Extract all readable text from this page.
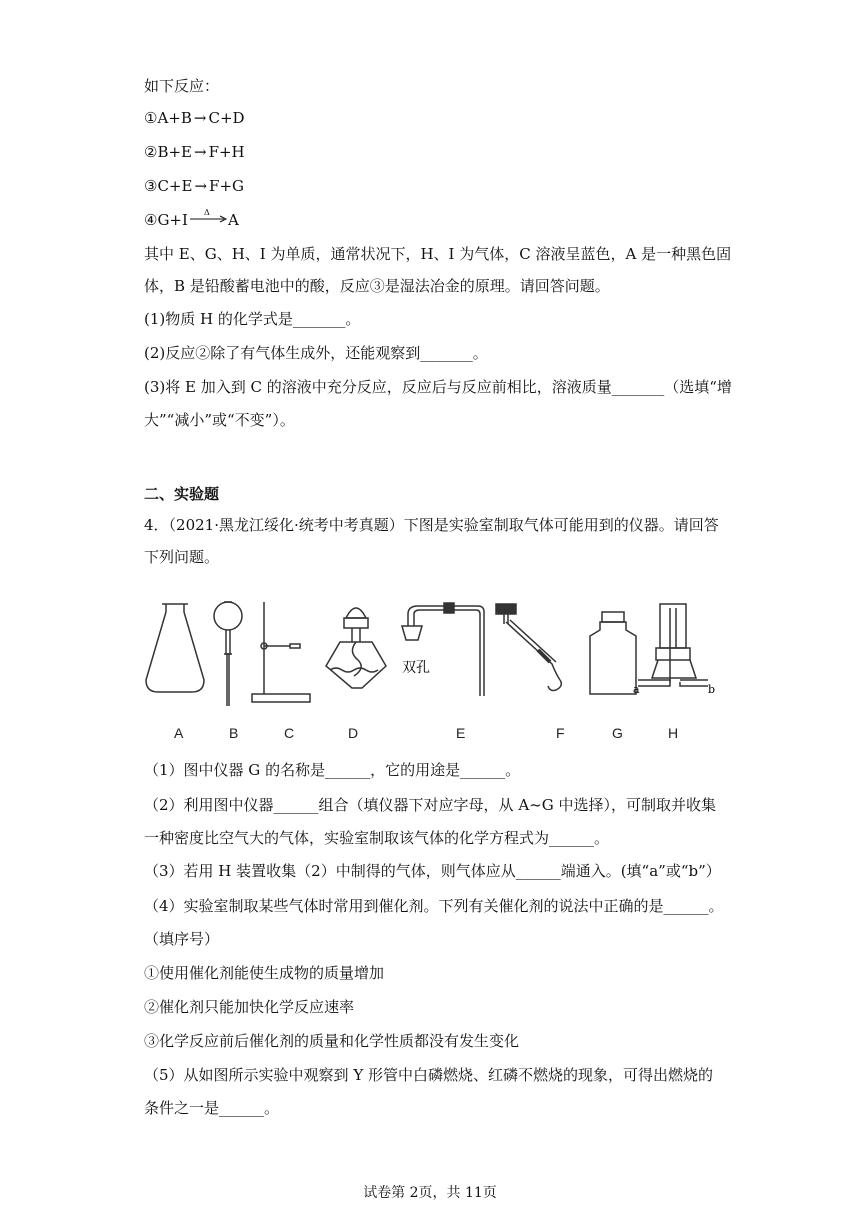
如下反应：
①A+B → C+D
②B+E → F+H
③C+E → F+G
④G+I Δ A
其中 E、G、H、I 为单质，通常状况下，H、I 为气体，C 溶液呈蓝色，A 是一种黑色固
体，B 是铅酸蓄电池中的酸，反应③是湿法冶金的原理。请回答问题。
(1)物质 H 的化学式是_______。
(2)反应②除了有气体生成外，还能观察到_______。
(3)将 E 加入到 C 的溶液中充分反应，反应后与反应前相比，溶液质量_______（选填“增
大”“减小”或“不变”）。
二、实验题
4．（2021·黑龙江绥化·统考中考真题）下图是实验室制取气体可能用到的仪器。请回答
下列问题。
双孔
a	b
A	B	C	D	E	F	G	H
（1）图中仪器 G 的名称是______，它的用途是______。
（2）利用图中仪器______组合（填仪器下对应字母，从 A~G 中选择），可制取并收集
一种密度比空气大的气体，实验室制取该气体的化学方程式为______。
（3）若用 H 装置收集（2）中制得的气体，则气体应从______端通入。(填“a”或“b”）
（4）实验室制取某些气体时常用到催化剂。下列有关催化剂的说法中正确的是______。
（填序号）
①使用催化剂能使生成物的质量增加
②催化剂只能加快化学反应速率
③化学反应前后催化剂的质量和化学性质都没有发生变化
（5）从如图所示实验中观察到 Y 形管中白磷燃烧、红磷不燃烧的现象，可得出燃烧的
条件之一是______。
试卷第 2页，共 11页
